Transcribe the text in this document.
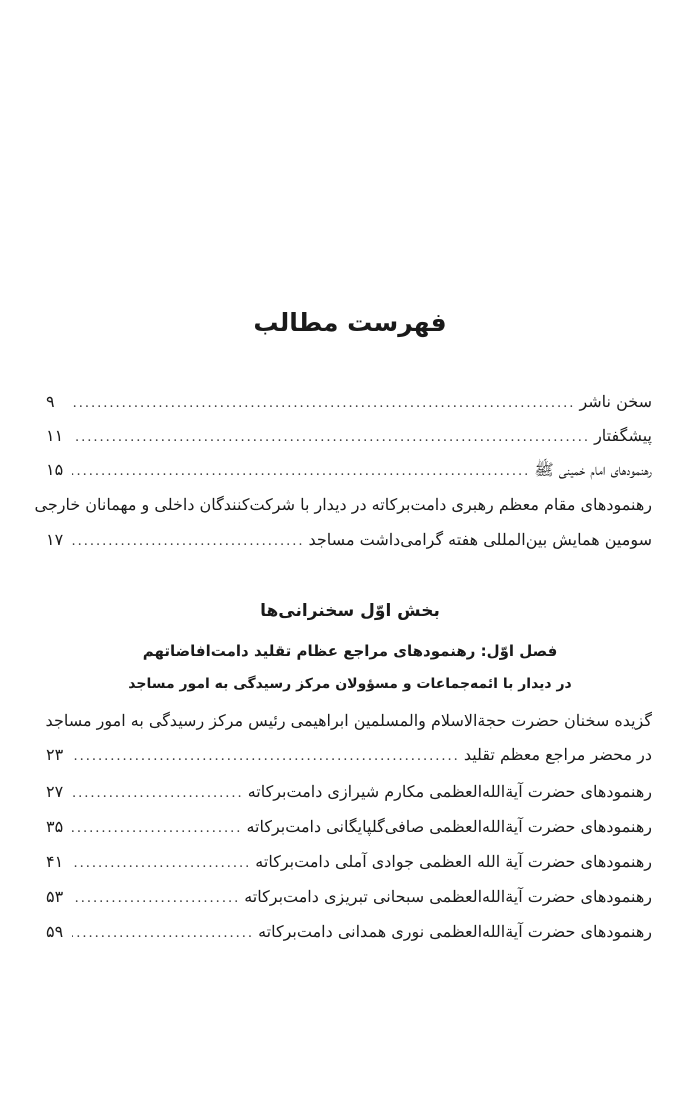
فهرست مطالب
سخن ناشر
.....
۹
پیشگفتار
.....
۱۱
رهنمودهای امام خمینی ﷺ
.....
۱۵
رهنمودهای مقام معظم رهبری دامت‌برکاته در دیدار با شرکت‌کنندگان داخلی و مهمانان خارجی
سومین همایش بین‌المللی هفته گرامی‌داشت مساجد
.....
۱۷
بخش اوّل سخنرانی‌ها
فصل اوّل: رهنمودهای مراجع عظام تقلید دامت‌افاضاتهم
در دیدار با ائمه‌جماعات و مسؤولان مرکز رسیدگی به امور مساجد
گزیده سخنان حضرت حجةالاسلام والمسلمین ابراهیمی رئیس مرکز رسیدگی به امور مساجد
در محضر مراجع معظم تقلید
.....
۲۳
رهنمودهای حضرت آیةالله‌العظمی مکارم شیرازی دامت‌برکاته
.....
۲۷
رهنمودهای حضرت آیةالله‌العظمی صافی‌گلپایگانی دامت‌برکاته
.....
۳۵
رهنمودهای حضرت آیة الله العظمی جوادی آملی دامت‌برکاته
.....
۴۱
رهنمودهای حضرت آیةالله‌العظمی سبحانی تبریزی دامت‌برکاته
.....
۵۳
رهنمودهای حضرت آیةالله‌العظمی نوری همدانی دامت‌برکاته
.....
۵۹
